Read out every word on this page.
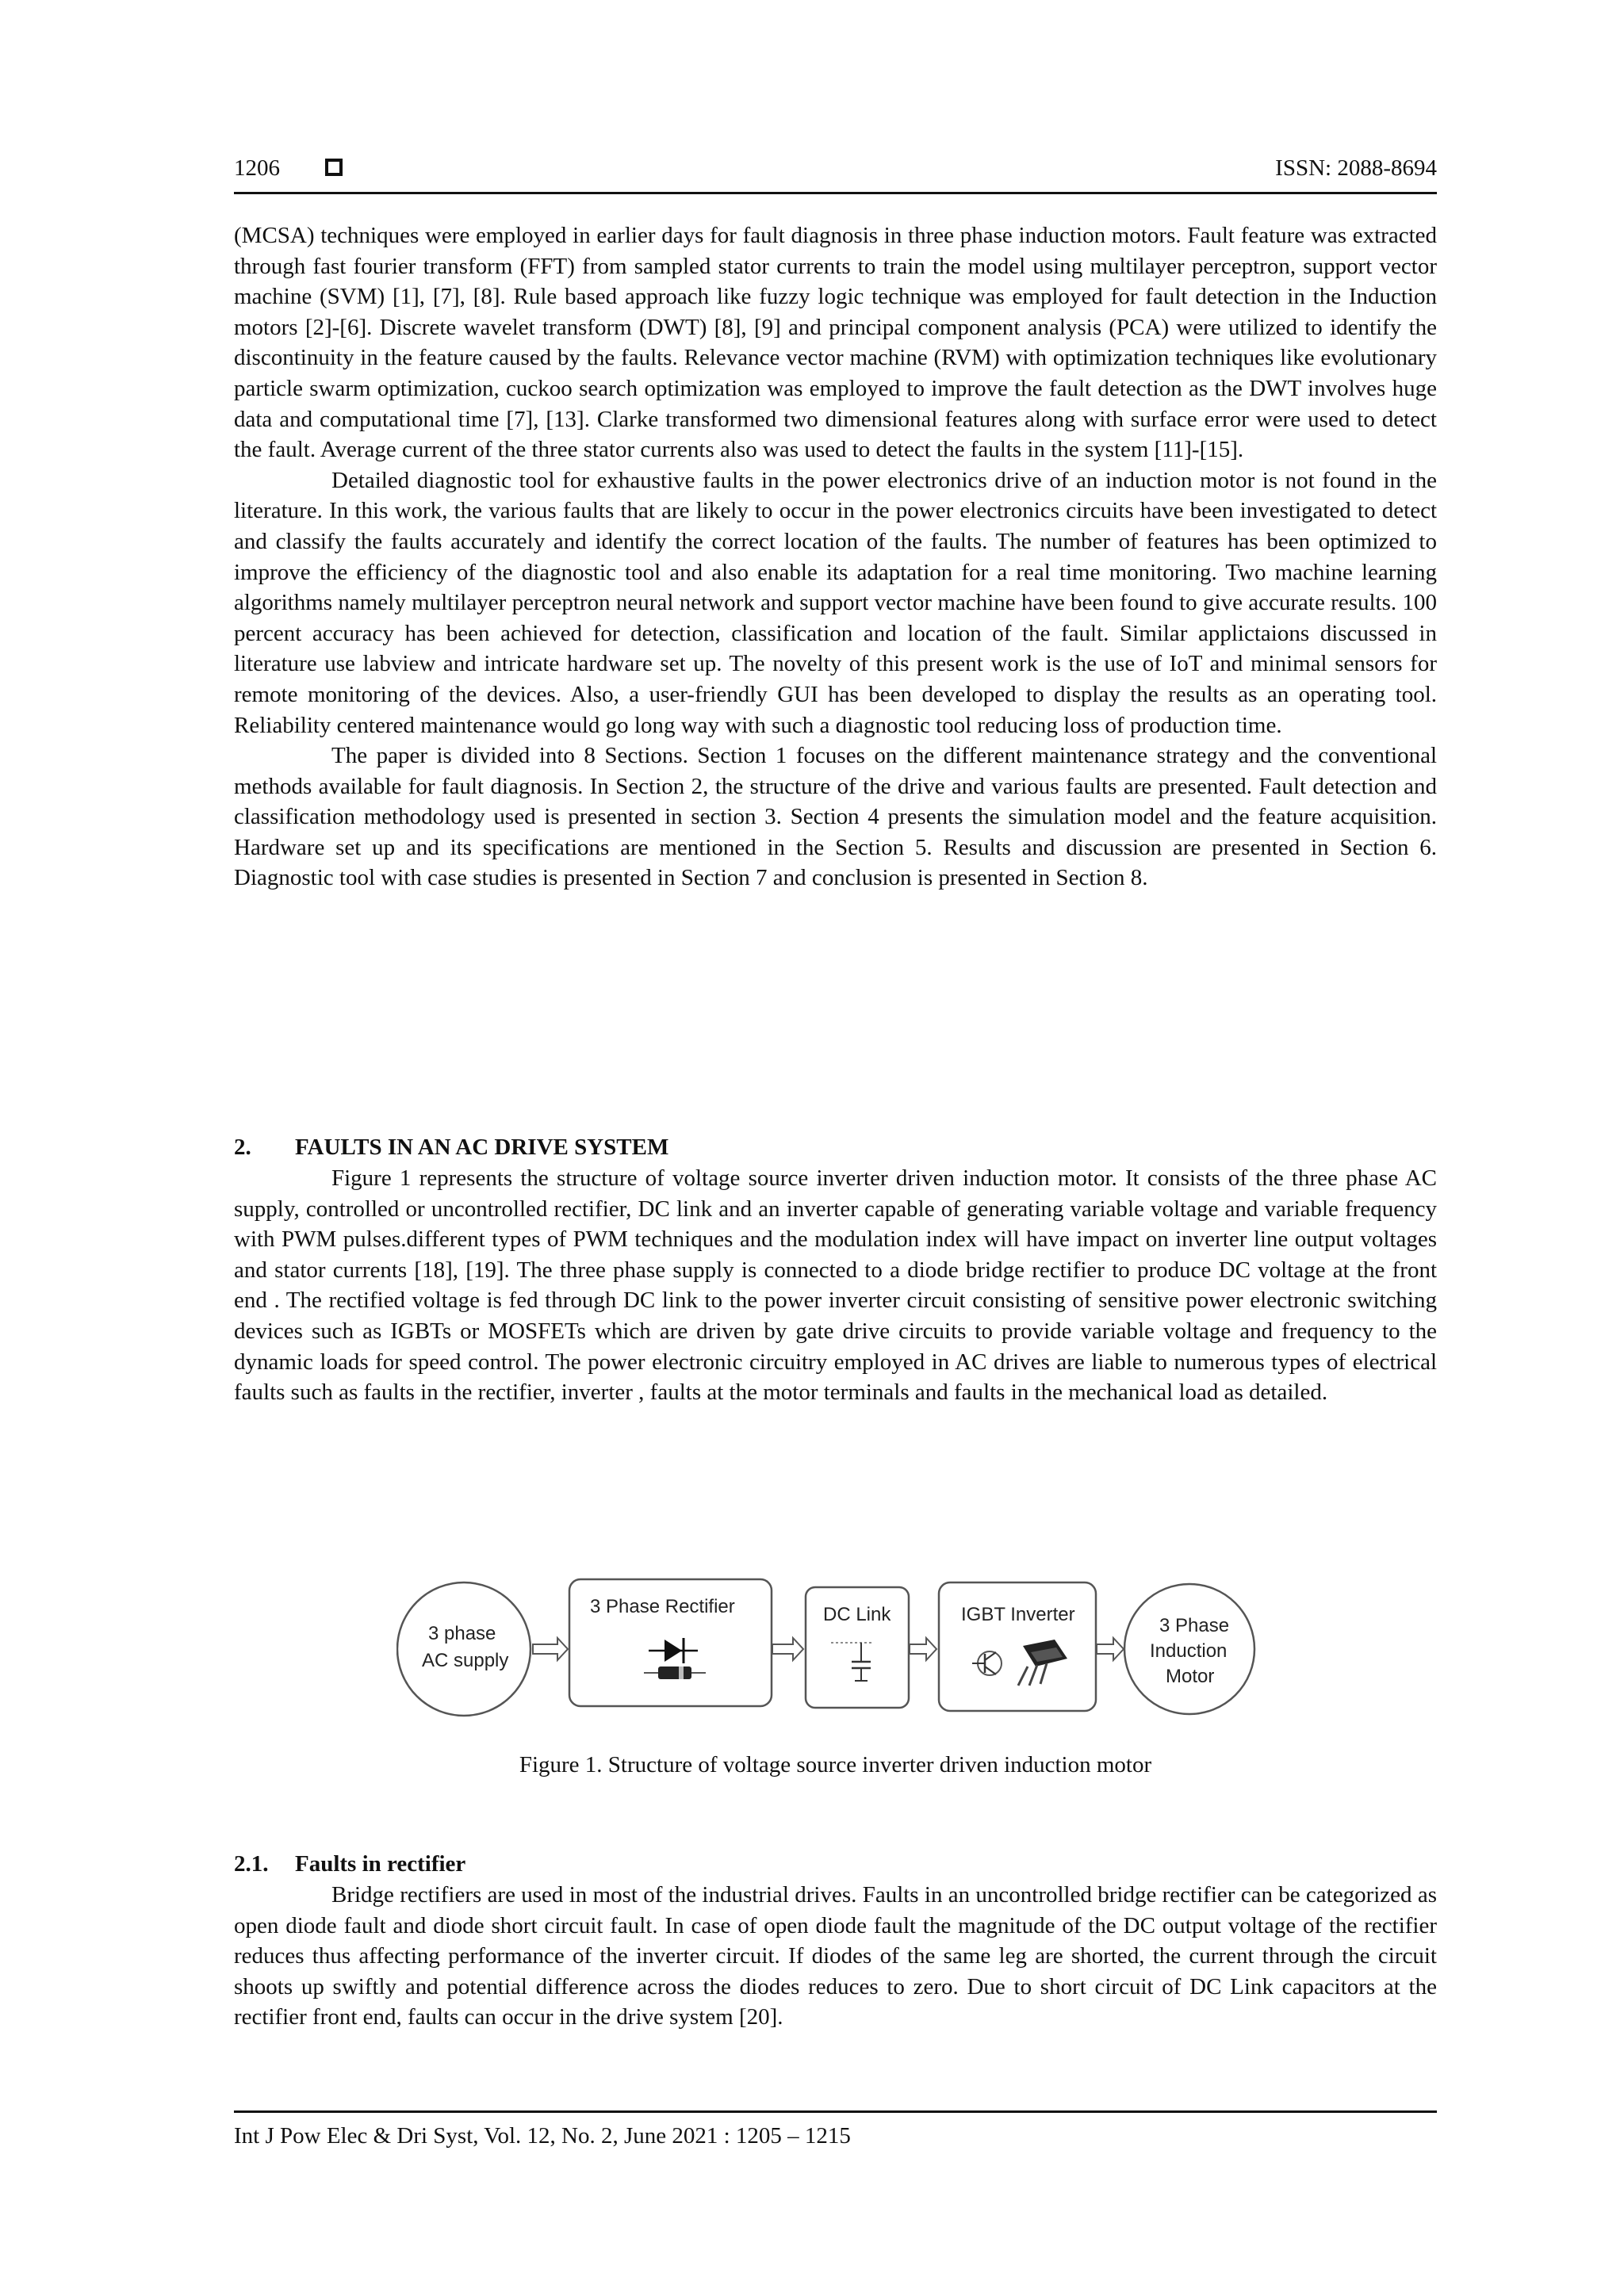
1206	ISSN: 2088-8694

(MCSA) techniques were employed in earlier days for fault diagnosis in three phase induction motors. Fault feature was extracted through fast fourier transform (FFT) from sampled stator currents to train the model using multilayer perceptron, support vector machine (SVM) [1], [7], [8]. Rule based approach like fuzzy logic technique was employed for fault detection in the Induction motors [2]-[6]. Discrete wavelet transform (DWT) [8], [9] and principal component analysis (PCA) were utilized to identify the discontinuity in the feature caused by the faults. Relevance vector machine (RVM) with optimization techniques like evolutionary particle swarm optimization, cuckoo search optimization was employed to improve the fault detection as the DWT involves huge data and computational time [7], [13]. Clarke transformed two dimensional features along with surface error were used to detect the fault. Average current of the three stator currents also was used to detect the faults in the system [11]-[15].

Detailed diagnostic tool for exhaustive faults in the power electronics drive of an induction motor is not found in the literature. In this work, the various faults that are likely to occur in the power electronics circuits have been investigated to detect and classify the faults accurately and identify the correct location of the faults. The number of features has been optimized to improve the efficiency of the diagnostic tool and also enable its adaptation for a real time monitoring. Two machine learning algorithms namely multilayer perceptron neural network and support vector machine have been found to give accurate results. 100 percent accuracy has been achieved for detection, classification and location of the fault. Similar applictaions discussed in literature use labview and intricate hardware set up. The novelty of this present work is the use of IoT and minimal sensors for remote monitoring of the devices. Also, a user-friendly GUI has been developed to display the results as an operating tool. Reliability centered maintenance would go long way with such a diagnostic tool reducing loss of production time.

The paper is divided into 8 Sections. Section 1 focuses on the different maintenance strategy and the conventional methods available for fault diagnosis. In Section 2, the structure of the drive and various faults are presented. Fault detection and classification methodology used is presented in section 3. Section 4 presents the simulation model and the feature acquisition. Hardware set up and its specifications are mentioned in the Section 5. Results and discussion are presented in Section 6. Diagnostic tool with case studies is presented in Section 7 and conclusion is presented in Section 8.

2. FAULTS IN AN AC DRIVE SYSTEM

Figure 1 represents the structure of voltage source inverter driven induction motor. It consists of the three phase AC supply, controlled or uncontrolled rectifier, DC link and an inverter capable of generating variable voltage and variable frequency with PWM pulses.different types of PWM techniques and the modulation index will have impact on inverter line output voltages and stator currents [18], [19]. The three phase supply is connected to a diode bridge rectifier to produce DC voltage at the front end . The rectified voltage is fed through DC link to the power inverter circuit consisting of sensitive power electronic switching devices such as IGBTs or MOSFETs which are driven by gate drive circuits to provide variable voltage and frequency to the dynamic loads for speed control. The power electronic circuitry employed in AC drives are liable to numerous types of electrical faults such as faults in the rectifier, inverter , faults at the motor terminals and faults in the mechanical load as detailed.

3 phase
AC supply
3 Phase Rectifier	DC Link	IGBT Inverter
3 Phase
Induction
Motor
Figure 1. Structure of voltage source inverter driven induction motor
2.1. Faults in rectifier

Bridge rectifiers are used in most of the industrial drives. Faults in an uncontrolled bridge rectifier can be categorized as open diode fault and diode short circuit fault. In case of open diode fault the magnitude of the DC output voltage of the rectifier reduces thus affecting performance of the inverter circuit. If diodes of the same leg are shorted, the current through the circuit shoots up swiftly and potential difference across the diodes reduces to zero. Due to short circuit of DC Link capacitors at the rectifier front end, faults can occur in the drive system [20].

Int J Pow Elec & Dri Syst, Vol. 12, No. 2, June 2021 : 1205 – 1215
